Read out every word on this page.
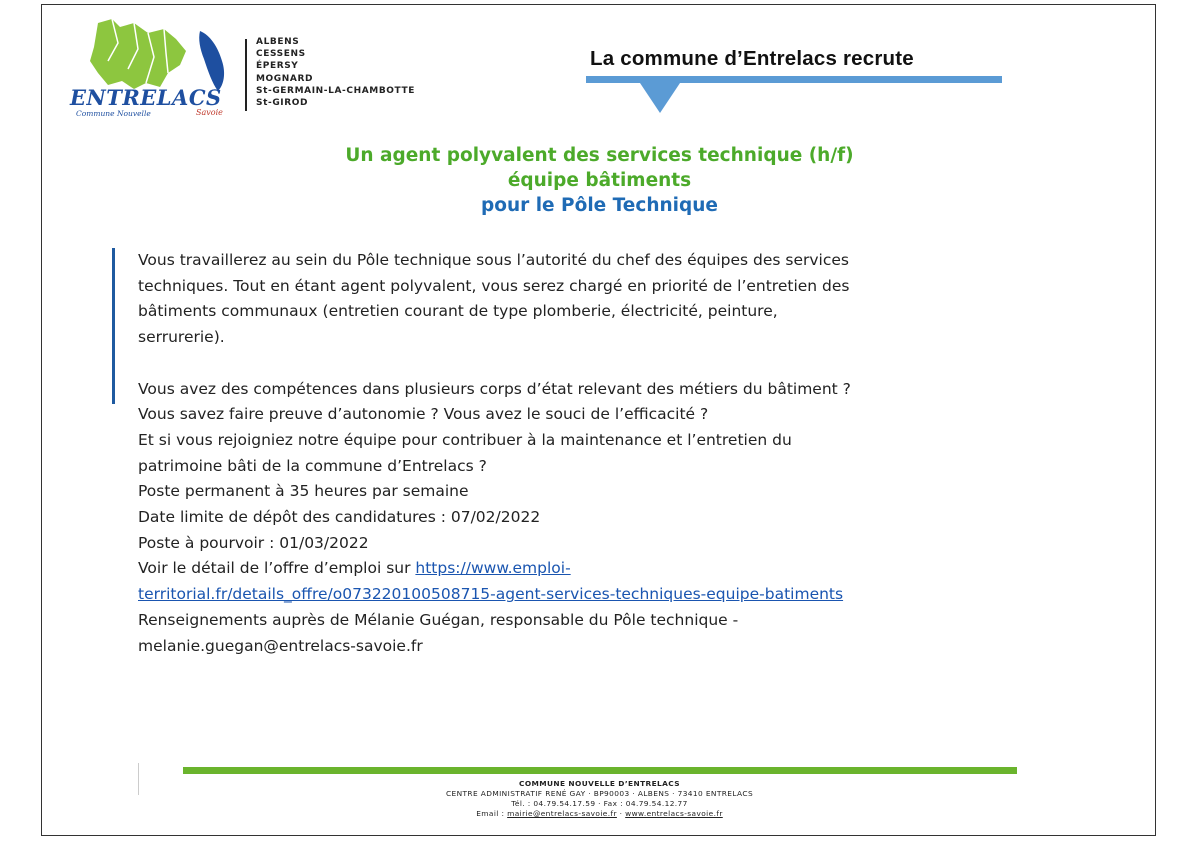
ENTRELACS
Commune Nouvelle	Savoie
ALBENS
CESSENS
ÉPERSY
MOGNARD
St-GERMAIN-LA-CHAMBOTTE
St-GIROD
La commune d’Entrelacs recrute
Un agent polyvalent des services technique (h/f)
équipe bâtiments
pour le Pôle Technique

Vous travaillerez au sein du Pôle technique sous l’autorité du chef des équipes des services

techniques. Tout en étant agent polyvalent, vous serez chargé en priorité de l’entretien des

bâtiments communaux (entretien courant de type plomberie, électricité, peinture,

serrurerie).

Vous avez des compétences dans plusieurs corps d’état relevant des métiers du bâtiment ?

Vous savez faire preuve d’autonomie ? Vous avez le souci de l’efficacité ?

Et si vous rejoigniez notre équipe pour contribuer à la maintenance et l’entretien du

patrimoine bâti de la commune d’Entrelacs ?

Poste permanent à 35 heures par semaine

Date limite de dépôt des candidatures : 07/02/2022

Poste à pourvoir : 01/03/2022

Voir le détail de l’offre d’emploi sur https://www.emploi-

territorial.fr/details_offre/o073220100508715-agent-services-techniques-equipe-batiments

Renseignements auprès de Mélanie Guégan, responsable du Pôle technique -

melanie.guegan@entrelacs-savoie.fr

COMMUNE NOUVELLE D’ENTRELACS
CENTRE ADMINISTRATIF RENÉ GAY · BP90003 · ALBENS · 73410 ENTRELACS
Tél. : 04.79.54.17.59 · Fax : 04.79.54.12.77
Email : mairie@entrelacs-savoie.fr · www.entrelacs-savoie.fr
